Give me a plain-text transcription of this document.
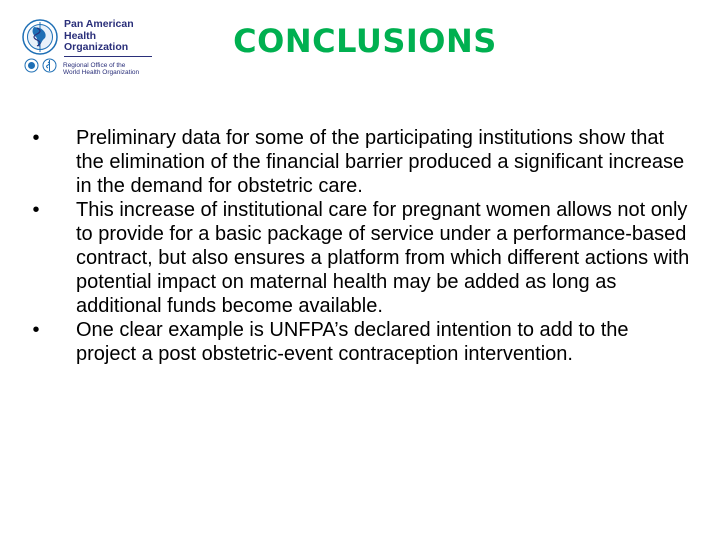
Pan American
Health
Organization
Regional Office of the
World Health Organization
CONCLUSIONS
• Preliminary data for some of the participating institutions show that the elimination of the financial barrier produced a significant increase in the demand for obstetric care.
• This increase of institutional care for pregnant women allows not only to provide for a basic package of service under a performance-based contract, but also ensures a platform from which different actions with potential impact on maternal health may be added as long as additional funds become available.
• One clear example is UNFPA’s declared intention to add to the project a post obstetric-event contraception intervention.
